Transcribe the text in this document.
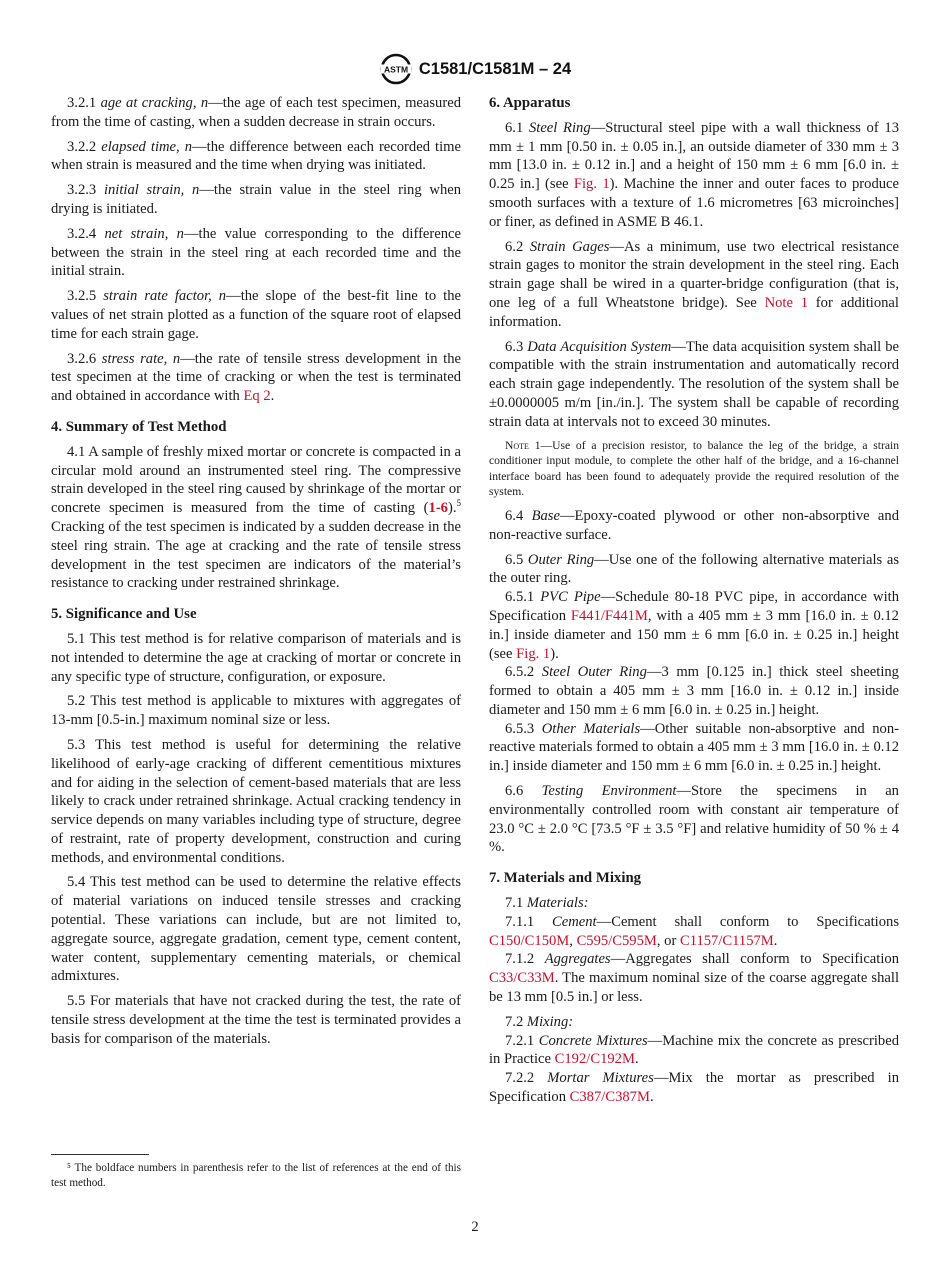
ASTM C1581/C1581M – 24

3.2.1 age at cracking, n—the age of each test specimen, measured from the time of casting, when a sudden decrease in strain occurs.

3.2.2 elapsed time, n—the difference between each recorded time when strain is measured and the time when drying was initiated.

3.2.3 initial strain, n—the strain value in the steel ring when drying is initiated.

3.2.4 net strain, n—the value corresponding to the difference between the strain in the steel ring at each recorded time and the initial strain.

3.2.5 strain rate factor, n—the slope of the best-fit line to the values of net strain plotted as a function of the square root of elapsed time for each strain gage.

3.2.6 stress rate, n—the rate of tensile stress development in the test specimen at the time of cracking or when the test is terminated and obtained in accordance with Eq 2.

4. Summary of Test Method

4.1 A sample of freshly mixed mortar or concrete is compacted in a circular mold around an instrumented steel ring. The compressive strain developed in the steel ring caused by shrinkage of the mortar or concrete specimen is measured from the time of casting (1-6).$^5$ Cracking of the test specimen is indicated by a sudden decrease in the steel ring strain. The age at cracking and the rate of tensile stress development in the test specimen are indicators of the material’s resistance to cracking under restrained shrinkage.

5. Significance and Use

5.1 This test method is for relative comparison of materials and is not intended to determine the age at cracking of mortar or concrete in any specific type of structure, configuration, or exposure.

5.2 This test method is applicable to mixtures with aggregates of 13-mm [0.5-in.] maximum nominal size or less.

5.3 This test method is useful for determining the relative likelihood of early-age cracking of different cementitious mixtures and for aiding in the selection of cement-based materials that are less likely to crack under retrained shrinkage. Actual cracking tendency in service depends on many variables including type of structure, degree of restraint, rate of property development, construction and curing methods, and environmental conditions.

5.4 This test method can be used to determine the relative effects of material variations on induced tensile stresses and cracking potential. These variations can include, but are not limited to, aggregate source, aggregate gradation, cement type, cement content, water content, supplementary cementing materials, or chemical admixtures.

5.5 For materials that have not cracked during the test, the rate of tensile stress development at the time the test is terminated provides a basis for comparison of the materials.

⁵ The boldface numbers in parenthesis refer to the list of references at the end of this test method.
6. Apparatus

6.1 Steel Ring—Structural steel pipe with a wall thickness of 13 mm ± 1 mm [0.50 in. ± 0.05 in.], an outside diameter of 330 mm ± 3 mm [13.0 in. ± 0.12 in.] and a height of 150 mm ± 6 mm [6.0 in. ± 0.25 in.] (see Fig. 1). Machine the inner and outer faces to produce smooth surfaces with a texture of 1.6 micrometres [63 microinches] or finer, as defined in ASME B 46.1.

6.2 Strain Gages—As a minimum, use two electrical resistance strain gages to monitor the strain development in the steel ring. Each strain gage shall be wired in a quarter-bridge configuration (that is, one leg of a full Wheatstone bridge). See Note 1 for additional information.

6.3 Data Acquisition System—The data acquisition system shall be compatible with the strain instrumentation and automatically record each strain gage independently. The resolution of the system shall be ±0.0000005 m/m [in./in.]. The system shall be capable of recording strain data at intervals not to exceed 30 minutes.

Note 1—Use of a precision resistor, to balance the leg of the bridge, a strain conditioner input module, to complete the other half of the bridge, and a 16-channel interface board has been found to adequately provide the required resolution of the system.

6.4 Base—Epoxy-coated plywood or other non-absorptive and non-reactive surface.

6.5 Outer Ring—Use one of the following alternative materials as the outer ring.

6.5.1 PVC Pipe—Schedule 80-18 PVC pipe, in accordance with Specification F441/F441M, with a 405 mm ± 3 mm [16.0 in. ± 0.12 in.] inside diameter and 150 mm ± 6 mm [6.0 in. ± 0.25 in.] height (see Fig. 1).

6.5.2 Steel Outer Ring—3 mm [0.125 in.] thick steel sheeting formed to obtain a 405 mm ± 3 mm [16.0 in. ± 0.12 in.] inside diameter and 150 mm ± 6 mm [6.0 in. ± 0.25 in.] height.

6.5.3 Other Materials—Other suitable non-absorptive and non-reactive materials formed to obtain a 405 mm ± 3 mm [16.0 in. ± 0.12 in.] inside diameter and 150 mm ± 6 mm [6.0 in. ± 0.25 in.] height.

6.6 Testing Environment—Store the specimens in an environmentally controlled room with constant air temperature of 23.0 °C ± 2.0 °C [73.5 °F ± 3.5 °F] and relative humidity of 50 % ± 4 %.

7. Materials and Mixing

7.1 Materials:

7.1.1 Cement—Cement shall conform to Specifications C150/C150M, C595/C595M, or C1157/C1157M.

7.1.2 Aggregates—Aggregates shall conform to Specification C33/C33M. The maximum nominal size of the coarse aggregate shall be 13 mm [0.5 in.] or less.

7.2 Mixing:

7.2.1 Concrete Mixtures—Machine mix the concrete as prescribed in Practice C192/C192M.

7.2.2 Mortar Mixtures—Mix the mortar as prescribed in Specification C387/C387M.

2
